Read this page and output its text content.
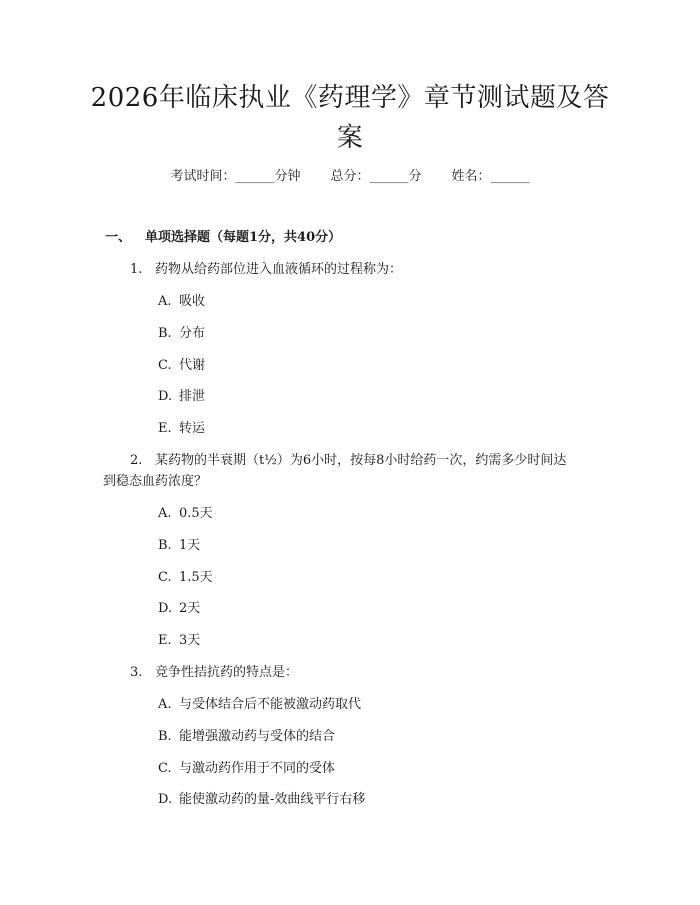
2026年临床执业《药理学》章节测试题及答案
考试时间：______分钟 总分：______分 姓名：______
一、 单项选择题（每题1分，共40分）
1. 药物从给药部位进入血液循环的过程称为：
A. 吸收
B. 分布
C. 代谢
D. 排泄
E. 转运
2. 某药物的半衰期（t½）为6小时，按每8小时给药一次，约需多少时间达
到稳态血药浓度？
A. 0.5天
B. 1天
C. 1.5天
D. 2天
E. 3天
3. 竞争性拮抗药的特点是：
A. 与受体结合后不能被激动药取代
B. 能增强激动药与受体的结合
C. 与激动药作用于不同的受体
D. 能使激动药的量-效曲线平行右移
